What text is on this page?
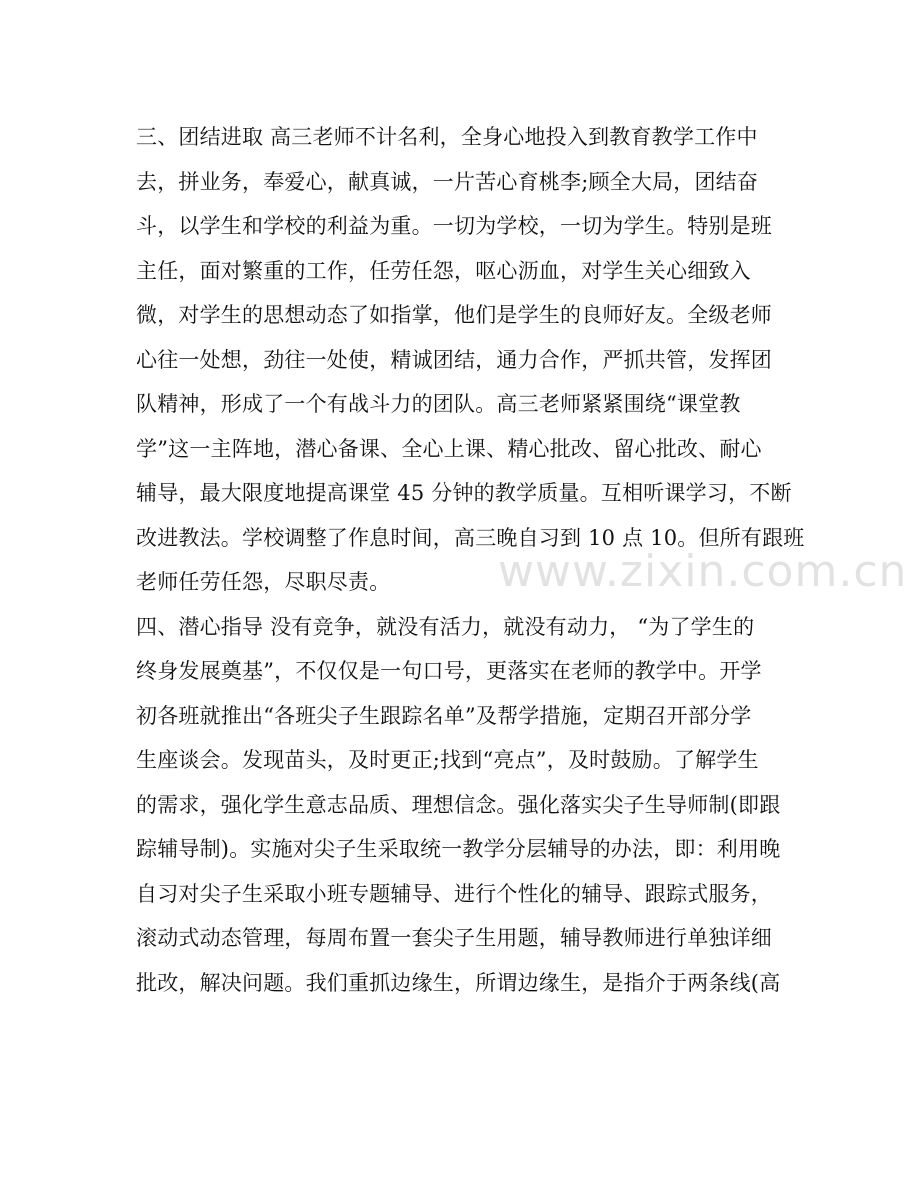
三、团结进取 高三老师不计名利，全身心地投入到教育教学工作中
去，拼业务，奉爱心，献真诚，一片苦心育桃李;顾全大局，团结奋
斗，以学生和学校的利益为重。一切为学校，一切为学生。特别是班
主任，面对繁重的工作，任劳任怨，呕心沥血，对学生关心细致入
微，对学生的思想动态了如指掌，他们是学生的良师好友。全级老师
心往一处想，劲往一处使，精诚团结，通力合作，严抓共管，发挥团
队精神，形成了一个有战斗力的团队。高三老师紧紧围绕“课堂教
学”这一主阵地，潜心备课、全心上课、精心批改、留心批改、耐心
辅导，最大限度地提高课堂 45 分钟的教学质量。互相听课学习，不断
改进教法。学校调整了作息时间，高三晚自习到 10 点 10。但所有跟班
老师任劳任怨，尽职尽责。
四、潜心指导 没有竞争，就没有活力，就没有动力， “为了学生的
终身发展奠基”，不仅仅是一句口号，更落实在老师的教学中。开学
初各班就推出“各班尖子生跟踪名单”及帮学措施，定期召开部分学
生座谈会。发现苗头，及时更正;找到“亮点”，及时鼓励。了解学生
的需求，强化学生意志品质、理想信念。强化落实尖子生导师制(即跟
踪辅导制)。实施对尖子生采取统一教学分层辅导的办法，即：利用晚
自习对尖子生采取小班专题辅导、进行个性化的辅导、跟踪式服务，
滚动式动态管理，每周布置一套尖子生用题，辅导教师进行单独详细
批改，解决问题。我们重抓边缘生，所谓边缘生，是指介于两条线(高
www.zixin.com.cn
